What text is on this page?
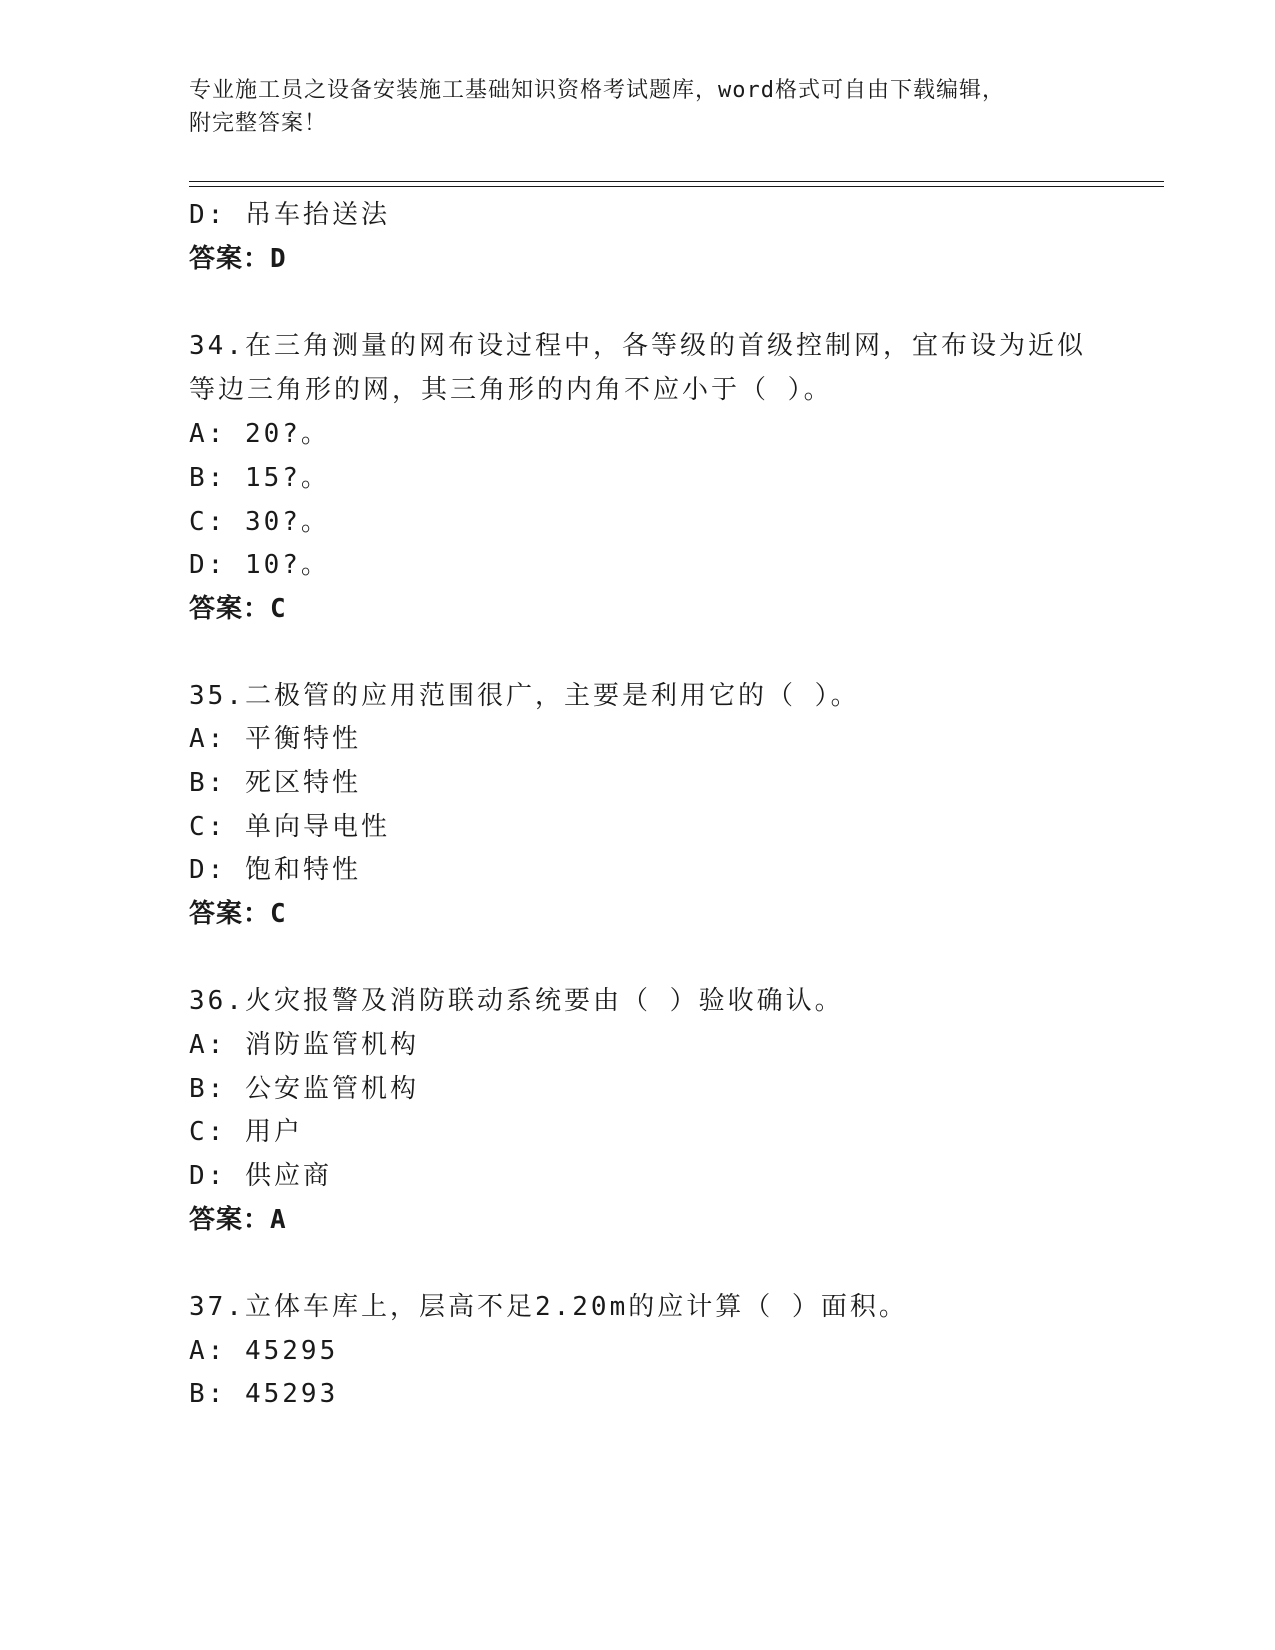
专业施工员之设备安装施工基础知识资格考试题库，word格式可自由下载编辑，
附完整答案！
D: 吊车抬送法
答案：D
34.在三角测量的网布设过程中，各等级的首级控制网，宜布设为近似
等边三角形的网，其三角形的内角不应小于（ ）。
A: 20?。
B: 15?。
C: 30?。
D: 10?。
答案：C
35.二极管的应用范围很广，主要是利用它的（ ）。
A: 平衡特性
B: 死区特性
C: 单向导电性
D: 饱和特性
答案：C
36.火灾报警及消防联动系统要由（ ）验收确认。
A: 消防监管机构
B: 公安监管机构
C: 用户
D: 供应商
答案：A
37.立体车库上，层高不足2.20m的应计算（ ）面积。
A: 45295
B: 45293
